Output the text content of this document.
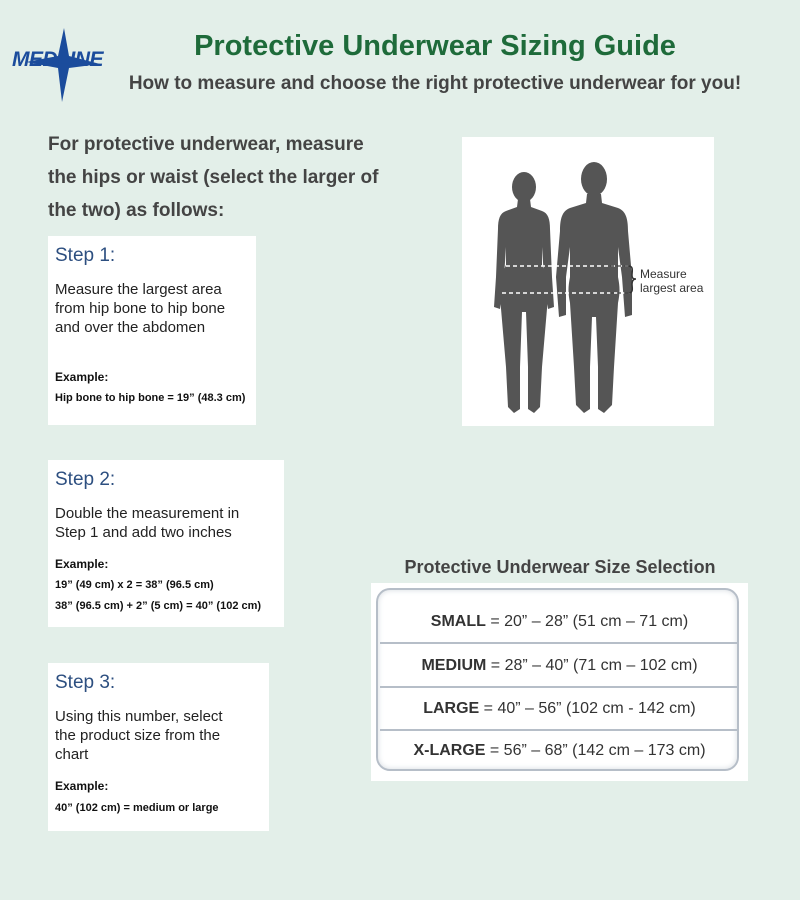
MEDLINE	Protective Underwear Sizing Guide
How to measure and choose the right protective underwear for you!
For protective underwear, measure the hips or waist (select the larger of the two) as follows:
Step 1:
Measure the largest area
from hip bone to hip bone
and over the abdomen
Example:
Hip bone to hip bone = 19” (48.3 cm)
Step 2:
Double the measurement in
Step 1 and add two inches
Example:
19” (49 cm) x 2 = 38” (96.5 cm)
38” (96.5 cm) + 2” (5 cm) = 40” (102 cm)
Step 3:
Using this number, select
the product size from the
chart
Example:
40” (102 cm) = medium or large
Measure
largest area
Protective Underwear Size Selection
SMALL = 20” – 28” (51 cm – 71 cm)
MEDIUM = 28” – 40” (71 cm – 102 cm)
LARGE = 40” – 56” (102 cm - 142 cm)
X-LARGE = 56” – 68” (142 cm – 173 cm)
